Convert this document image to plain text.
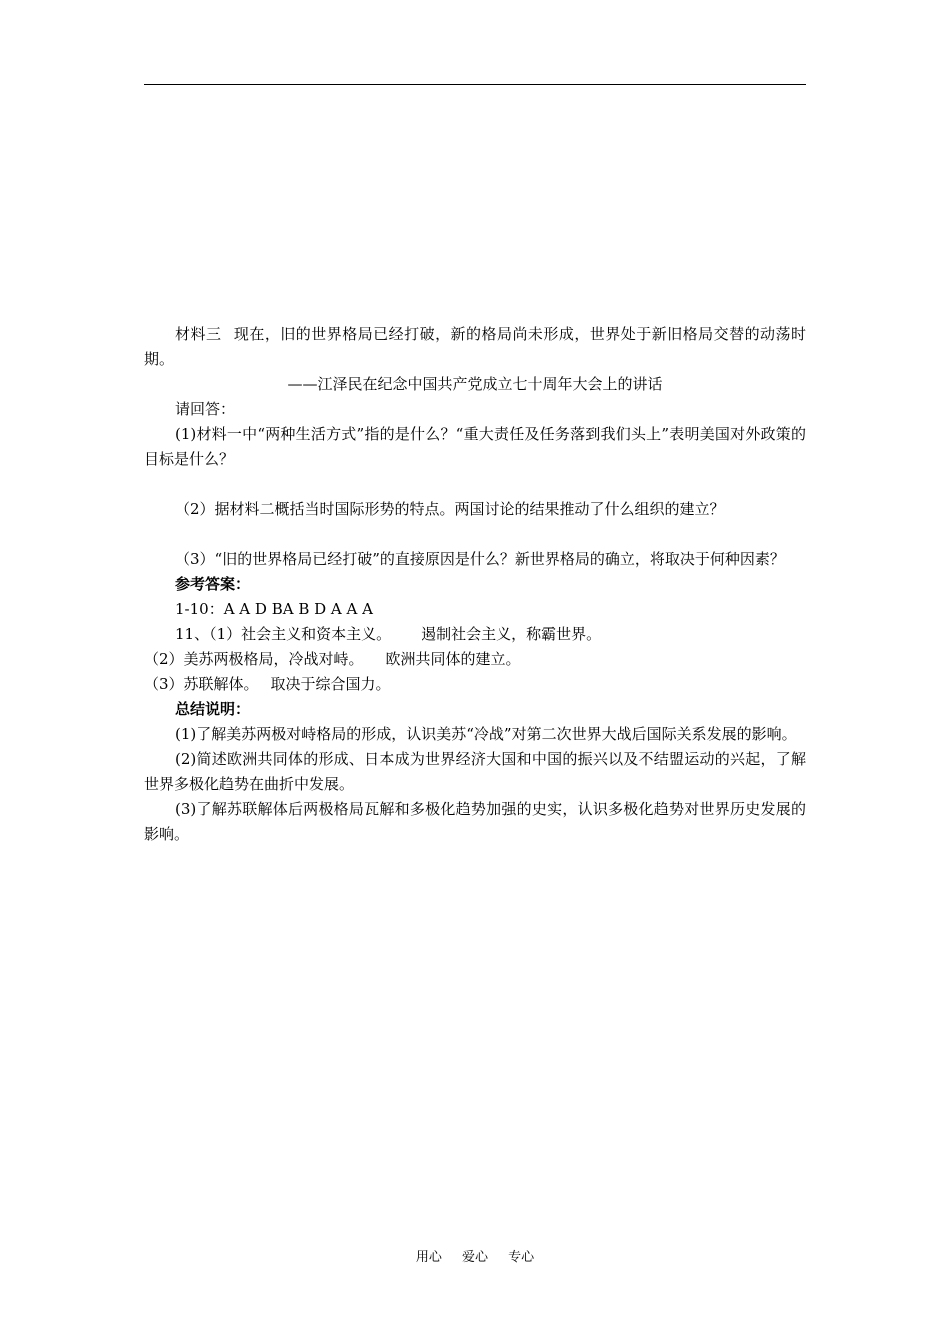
材料三 现在，旧的世界格局已经打破，新的格局尚未形成，世界处于新旧格局交替的动荡时期。

——江泽民在纪念中国共产党成立七十周年大会上的讲话

请回答：

(1)材料一中“两种生活方式”指的是什么？“重大责任及任务落到我们头上”表明美国对外政策的目标是什么？

（2）据材料二概括当时国际形势的特点。两国讨论的结果推动了什么组织的建立？

（3）“旧的世界格局已经打破”的直接原因是什么？新世界格局的确立，将取决于何种因素？

参考答案：

1-10：A A D BA B D A A A

11、（1）社会主义和资本主义。 遏制社会主义，称霸世界。

（2）美苏两极格局，冷战对峙。 欧洲共同体的建立。

（3）苏联解体。 取决于综合国力。

总结说明：

(1)了解美苏两极对峙格局的形成，认识美苏“冷战”对第二次世界大战后国际关系发展的影响。

(2)简述欧洲共同体的形成、日本成为世界经济大国和中国的振兴以及不结盟运动的兴起，了解世界多极化趋势在曲折中发展。

(3)了解苏联解体后两极格局瓦解和多极化趋势加强的史实，认识多极化趋势对世界历史发展的影响。

用心 爱心 专心
